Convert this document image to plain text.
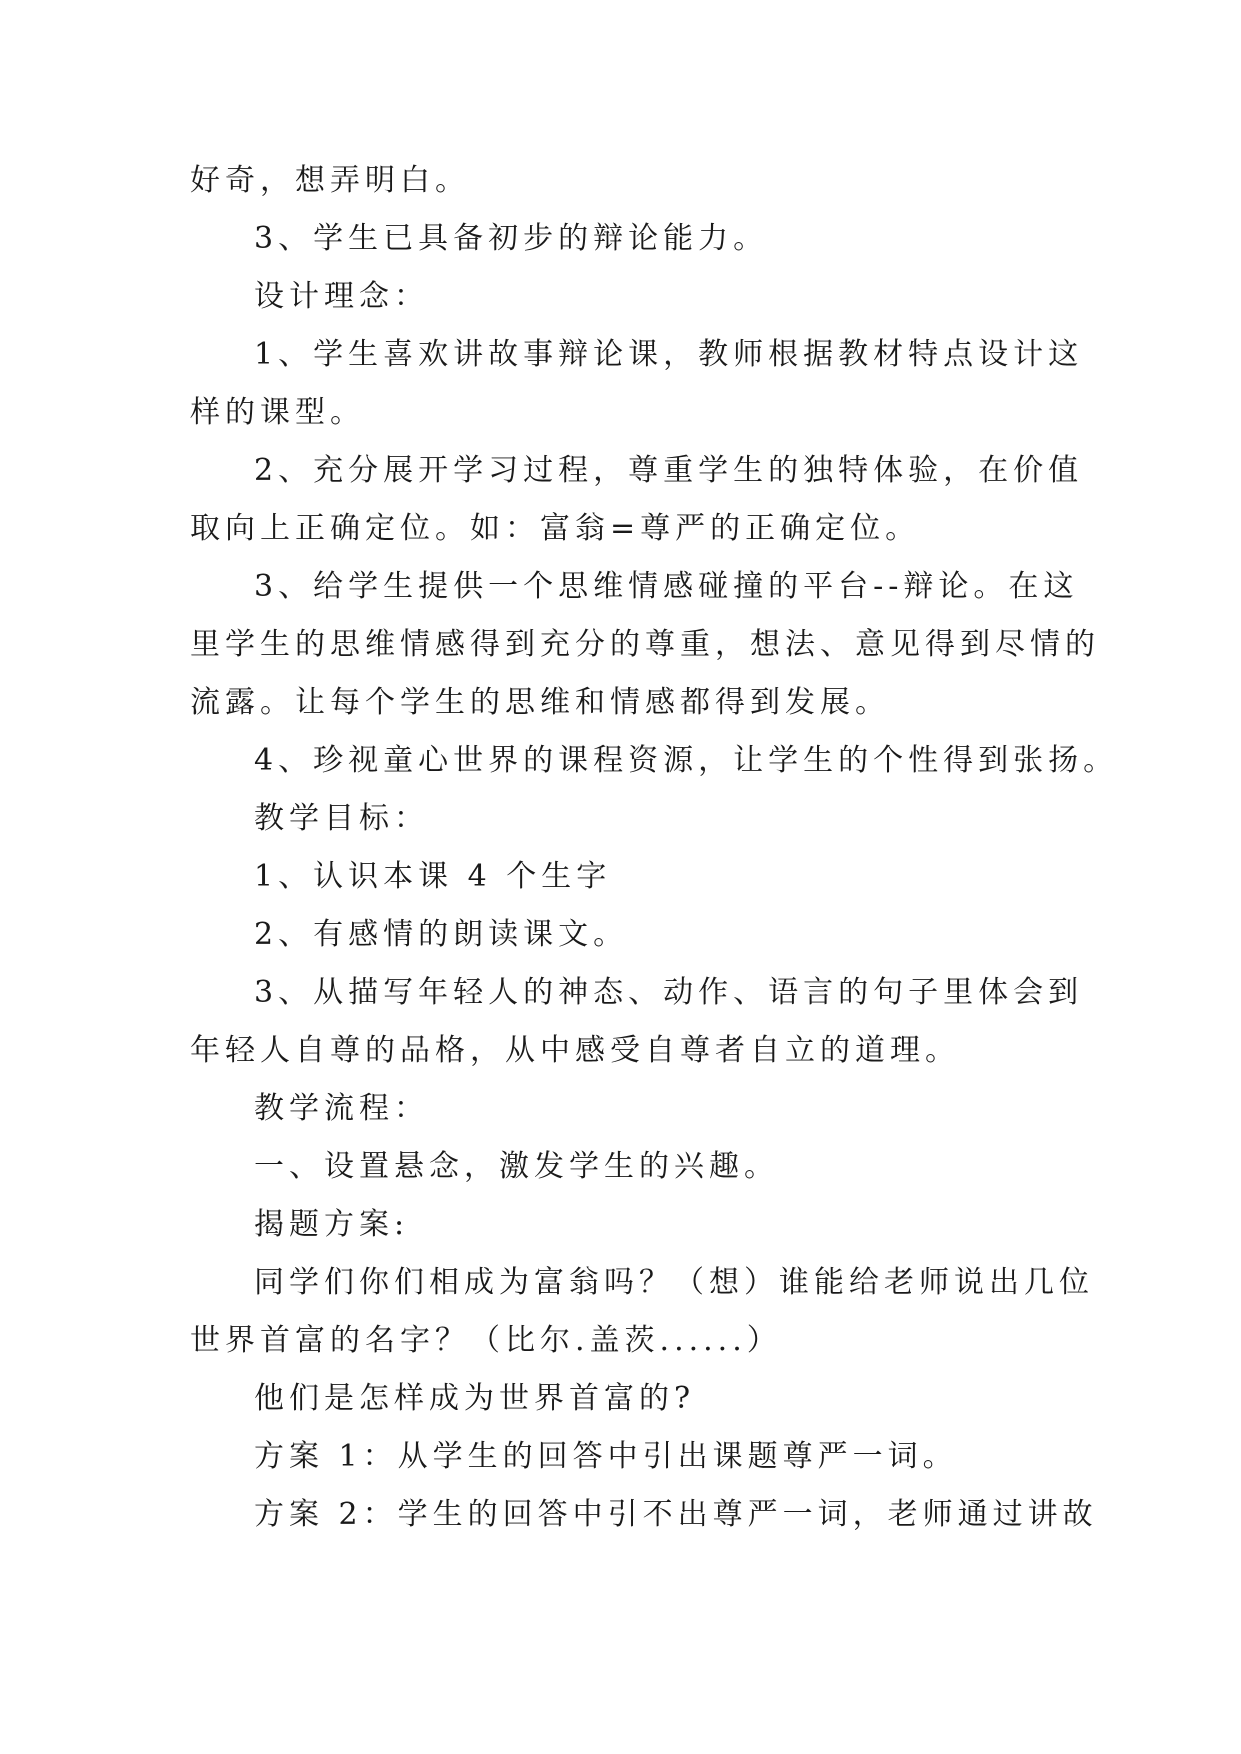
好奇，想弄明白。
3、学生已具备初步的辩论能力。
设计理念：
1、学生喜欢讲故事辩论课，教师根据教材特点设计这
样的课型。
2、充分展开学习过程，尊重学生的独特体验，在价值
取向上正确定位。如：富翁=尊严的正确定位。
3、给学生提供一个思维情感碰撞的平台--辩论。在这
里学生的思维情感得到充分的尊重，想法、意见得到尽情的
流露。让每个学生的思维和情感都得到发展。
4、珍视童心世界的课程资源，让学生的个性得到张扬。
教学目标：
1、认识本课 4 个生字
2、有感情的朗读课文。
3、从描写年轻人的神态、动作、语言的句子里体会到
年轻人自尊的品格，从中感受自尊者自立的道理。
教学流程：
一、设置悬念，激发学生的兴趣。
揭题方案:
同学们你们相成为富翁吗？（想）谁能给老师说出几位
世界首富的名字？（比尔.盖茨......）
他们是怎样成为世界首富的?
方案 1：从学生的回答中引出课题尊严一词。
方案 2：学生的回答中引不出尊严一词，老师通过讲故
